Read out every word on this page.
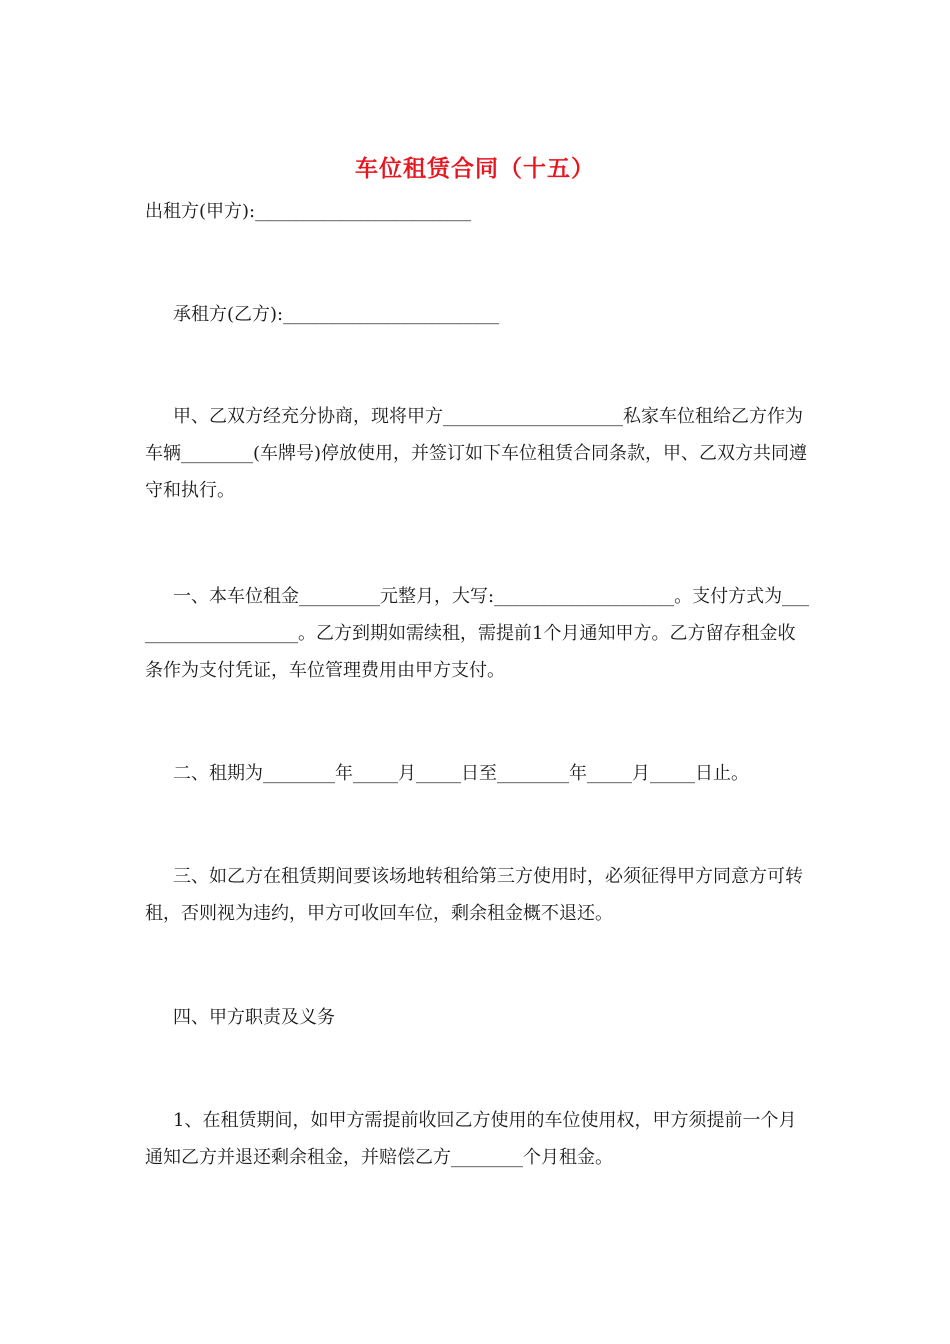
车位租赁合同（十五）

出租方(甲方):________________________

承租方(乙方):________________________

甲、乙双方经充分协商，现将甲方____________________私家车位租给乙方作为车辆________(车牌号)停放使用，并签订如下车位租赁合同条款，甲、乙双方共同遵守和执行。

一、本车位租金_________元整月，大写:____________________。支付方式为____________________。乙方到期如需续租，需提前1个月通知甲方。乙方留存租金收条作为支付凭证，车位管理费用由甲方支付。

二、租期为________年_____月_____日至________年_____月_____日止。

三、如乙方在租赁期间要该场地转租给第三方使用时，必须征得甲方同意方可转租，否则视为违约，甲方可收回车位，剩余租金概不退还。

四、甲方职责及义务

1、在租赁期间，如甲方需提前收回乙方使用的车位使用权，甲方须提前一个月通知乙方并退还剩余租金，并赔偿乙方________个月租金。
